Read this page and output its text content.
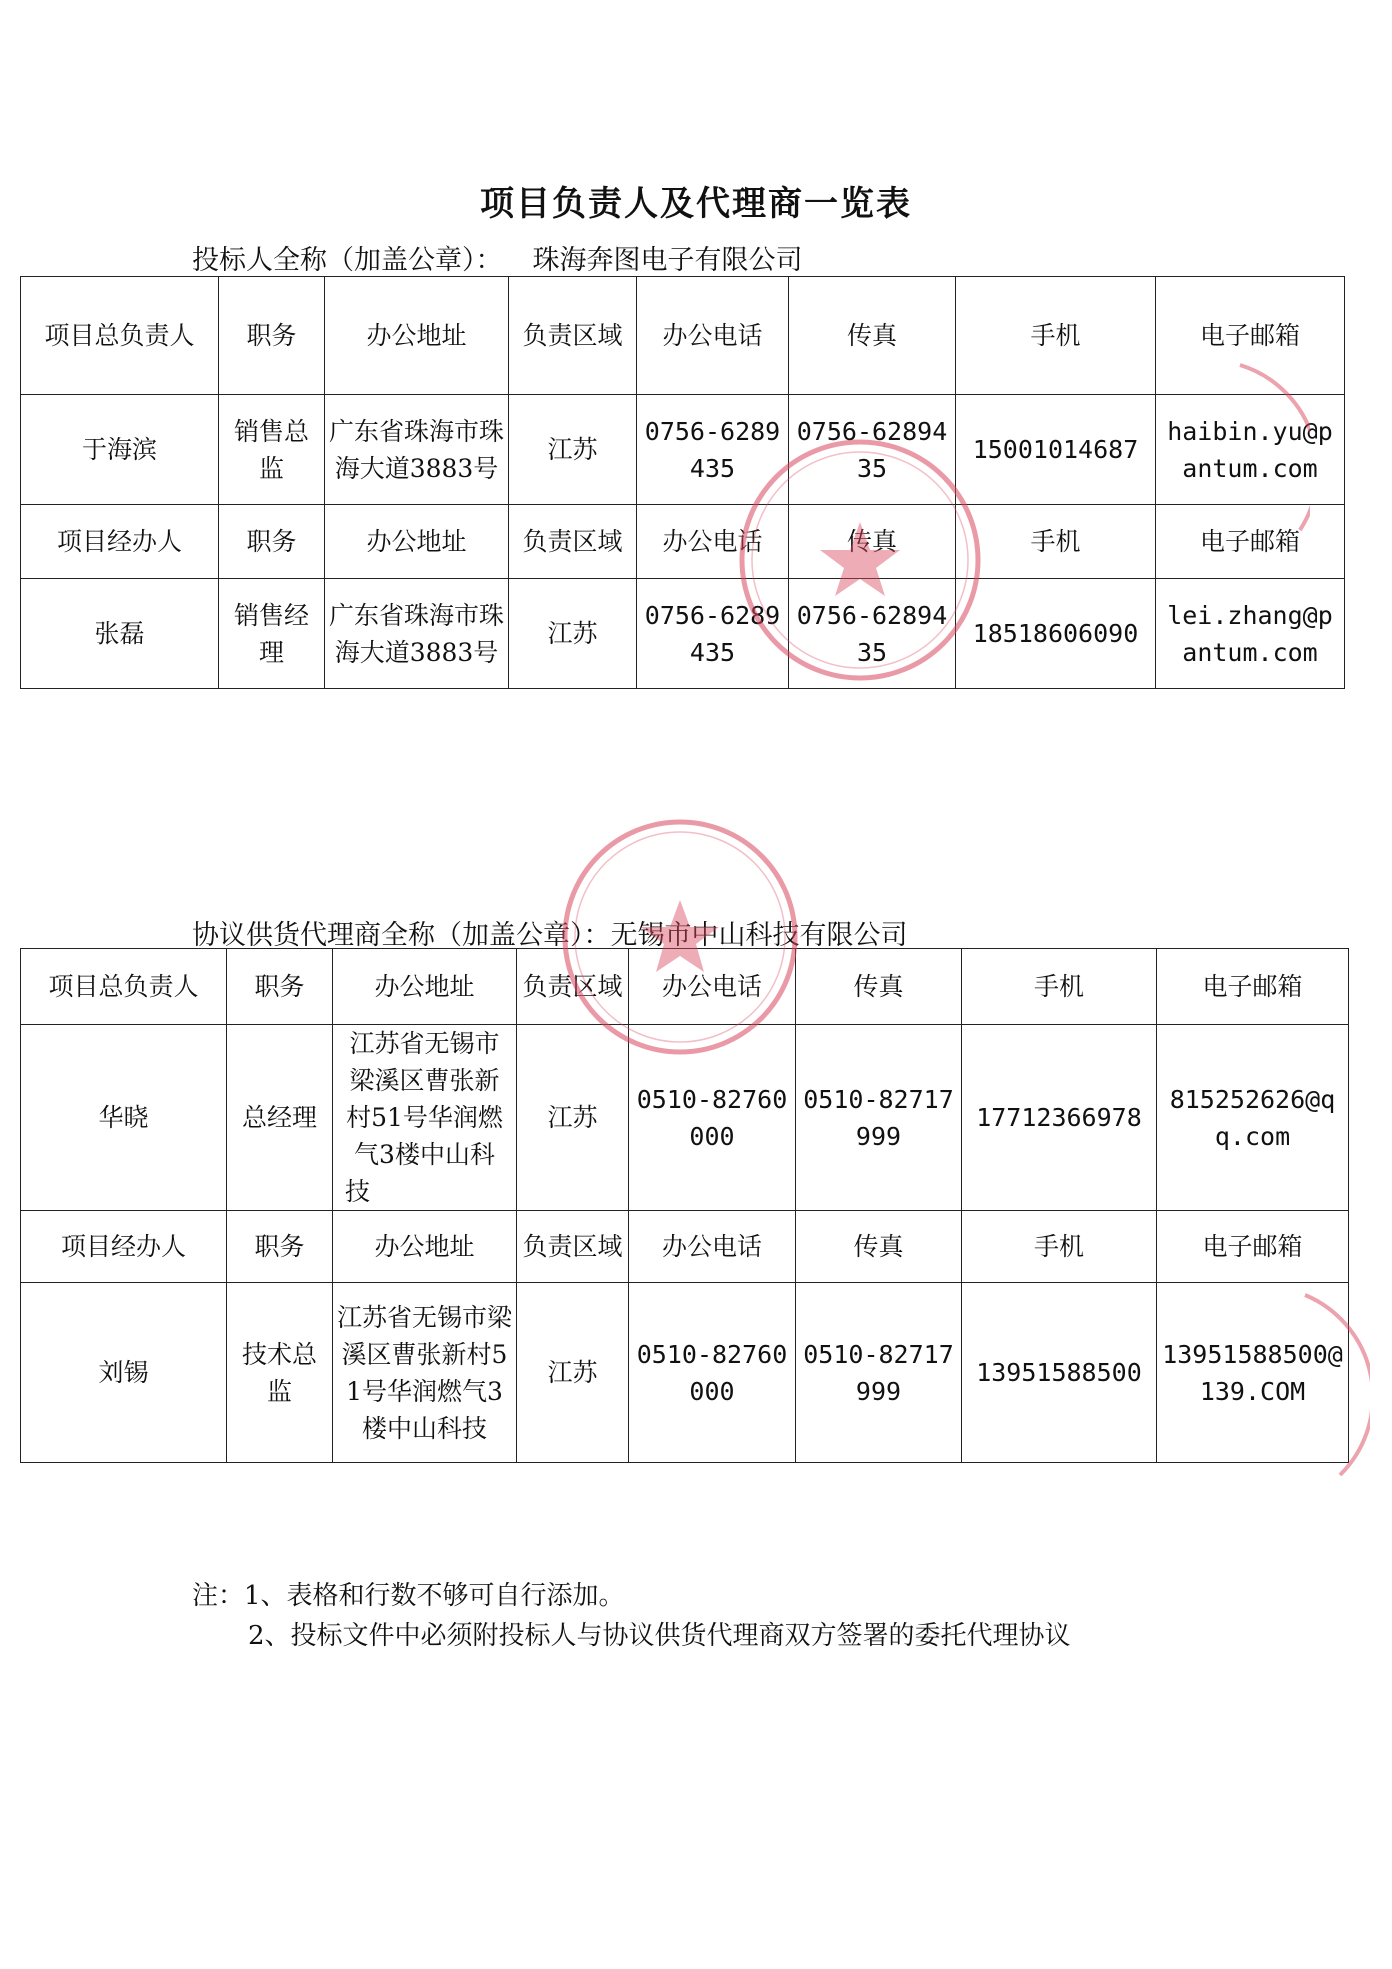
项目负责人及代理商一览表
投标人全称（加盖公章）： 珠海奔图电子有限公司
项目总负责人	职务	办公地址	负责区域	办公电话	传真	手机	电子邮箱
于海滨	销售总监	广东省珠海市珠海大道3883号	江苏	0756-6289435	0756-6289435	15001014687	haibin.yu@pantum.com
项目经办人	职务	办公地址	负责区域	办公电话	传真	手机	电子邮箱
张磊	销售经理	广东省珠海市珠海大道3883号	江苏	0756-6289435	0756-6289435	18518606090	lei.zhang@pantum.com
协议供货代理商全称（加盖公章）：无锡市中山科技有限公司
项目总负责人	职务	办公地址	负责区域	办公电话	传真	手机	电子邮箱
华晓	总经理	江苏省无锡市梁溪区曹张新村51号华润燃气3楼中山科技	江苏	0510-82760000	0510-82717999	17712366978	815252626@qq.com
项目经办人	职务	办公地址	负责区域	办公电话	传真	手机	电子邮箱
刘锡	技术总监	江苏省无锡市梁溪区曹张新村51号华润燃气3楼中山科技	江苏	0510-82760000	0510-82717999	13951588500	13951588500@139.COM
注：1、表格和行数不够可自行添加。
2、投标文件中必须附投标人与协议供货代理商双方签署的委托代理协议
